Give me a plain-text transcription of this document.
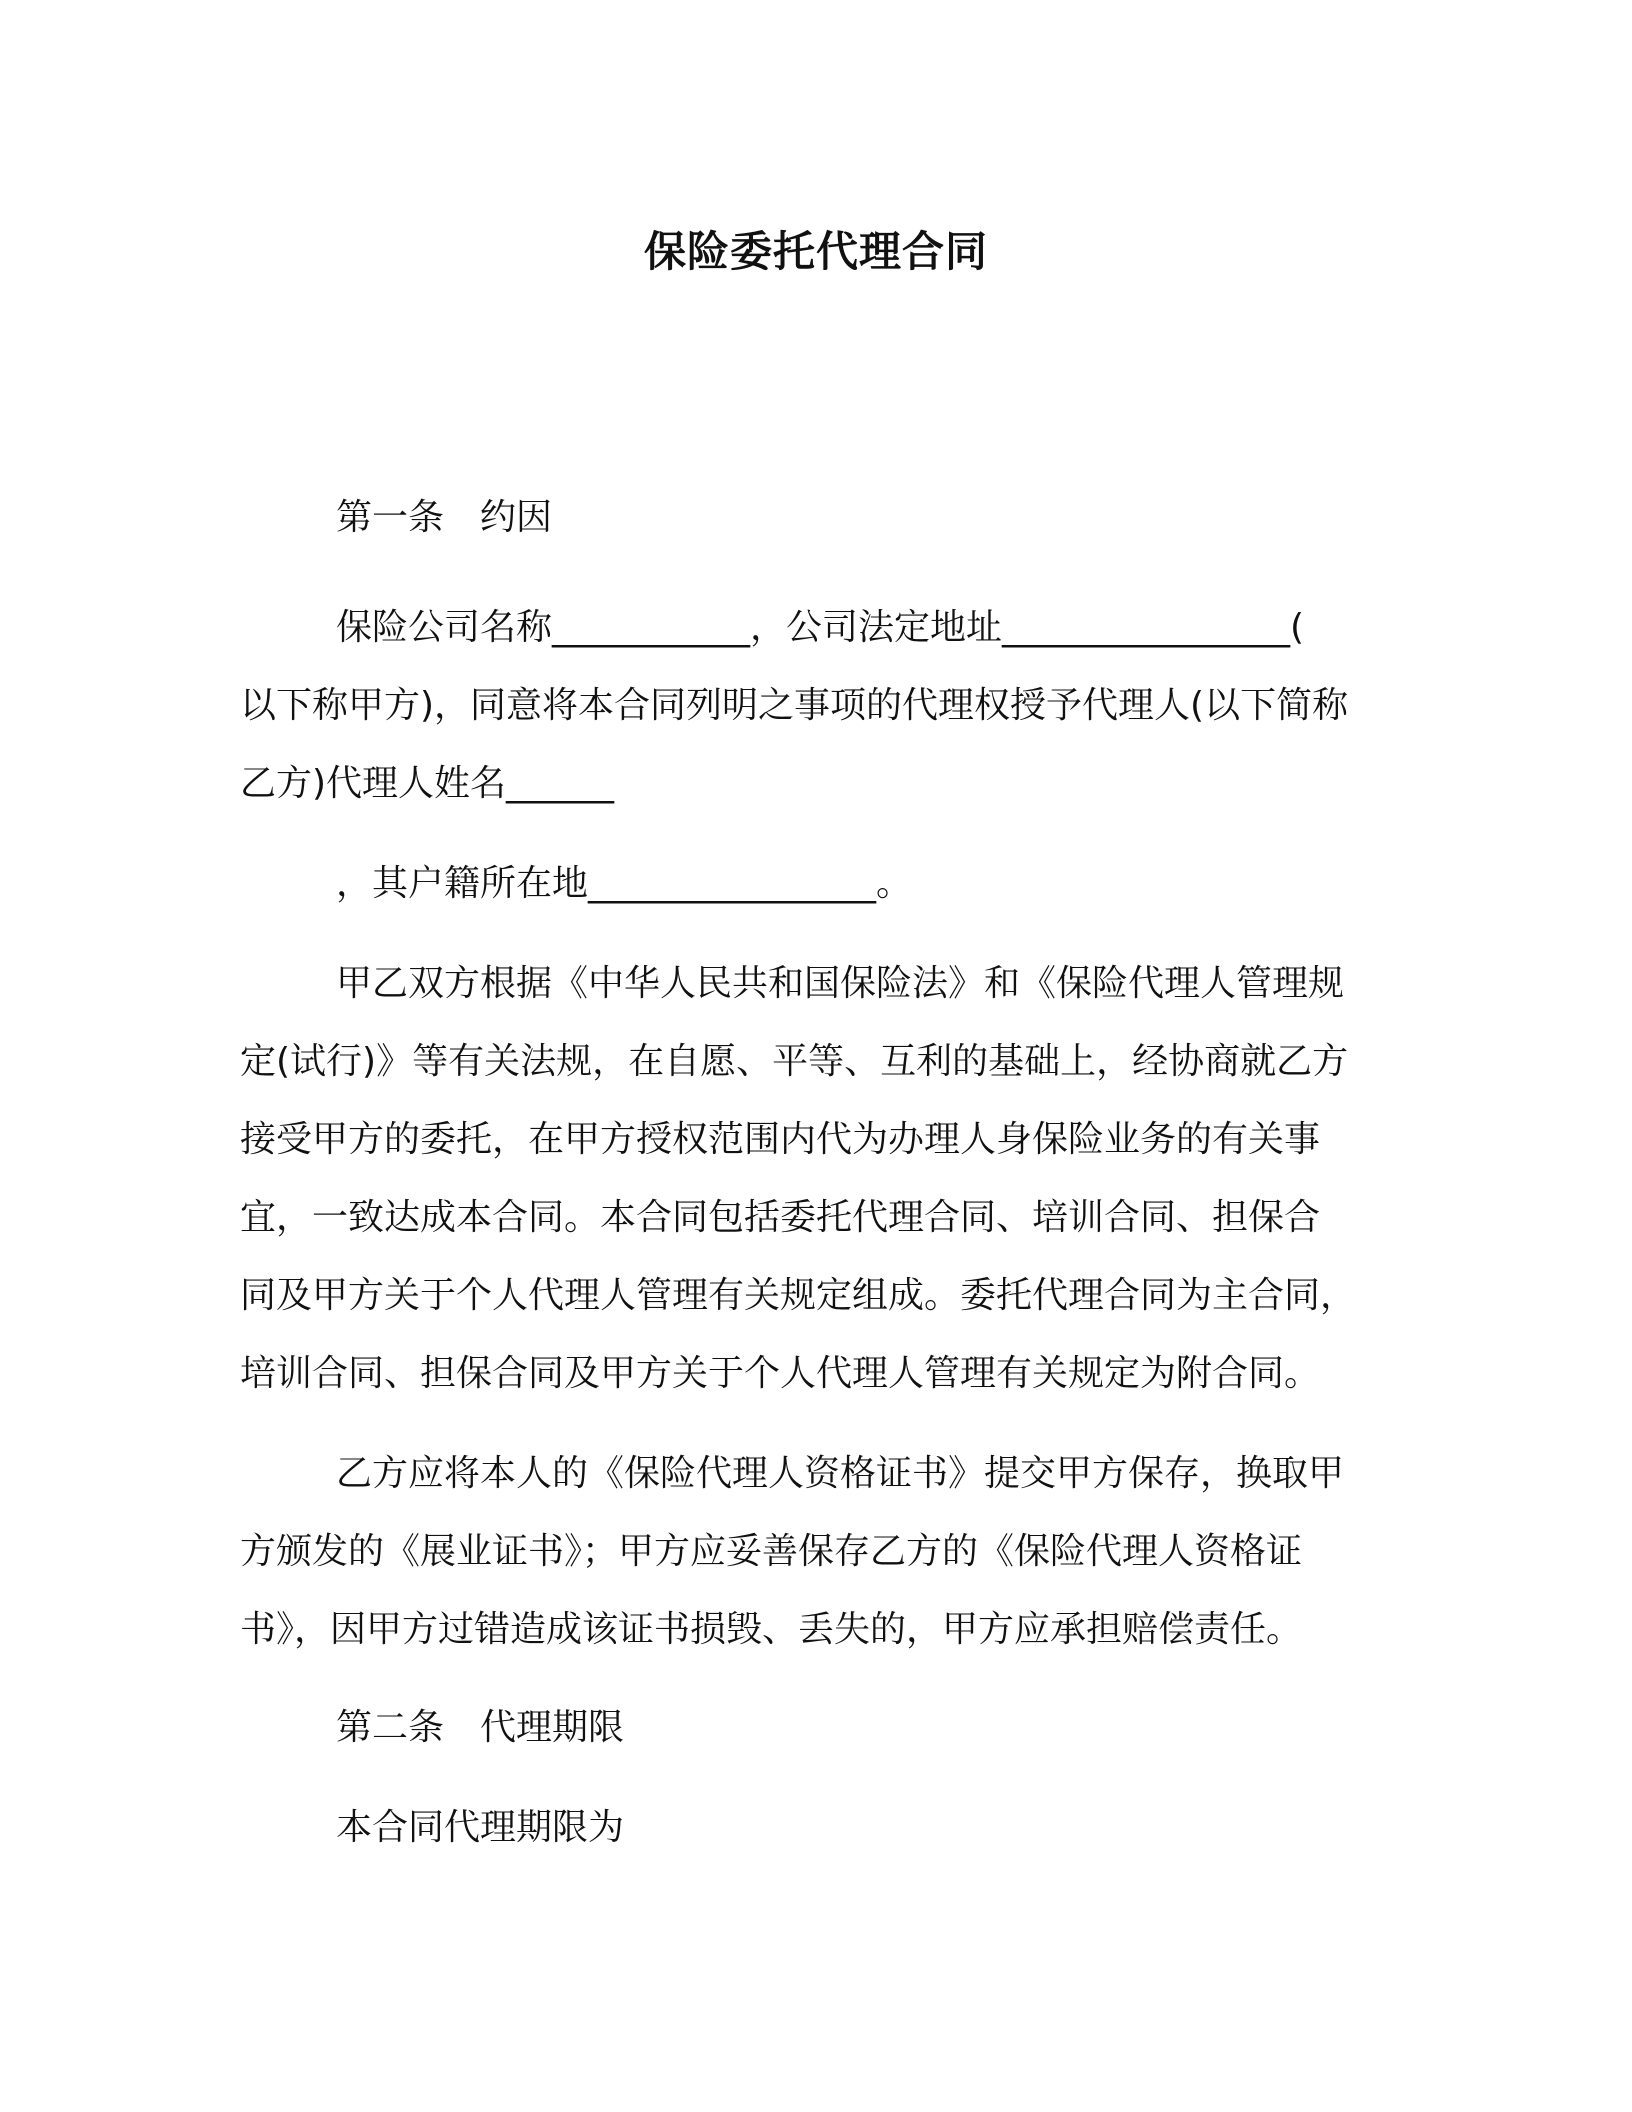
保险委托代理合同

第一条　约因

保险公司名称___________，公司法定地址________________(

以下称甲方)，同意将本合同列明之事项的代理权授予代理人(以下简称

乙方)代理人姓名______

，其户籍所在地________________。

甲乙双方根据《中华人民共和国保险法》和《保险代理人管理规

定(试行)》等有关法规，在自愿、平等、互利的基础上，经协商就乙方

接受甲方的委托，在甲方授权范围内代为办理人身保险业务的有关事

宜，一致达成本合同。本合同包括委托代理合同、培训合同、担保合

同及甲方关于个人代理人管理有关规定组成。委托代理合同为主合同，

培训合同、担保合同及甲方关于个人代理人管理有关规定为附合同。

乙方应将本人的《保险代理人资格证书》提交甲方保存，换取甲

方颁发的《展业证书》；甲方应妥善保存乙方的《保险代理人资格证

书》，因甲方过错造成该证书损毁、丢失的，甲方应承担赔偿责任。

第二条　代理期限

本合同代理期限为
